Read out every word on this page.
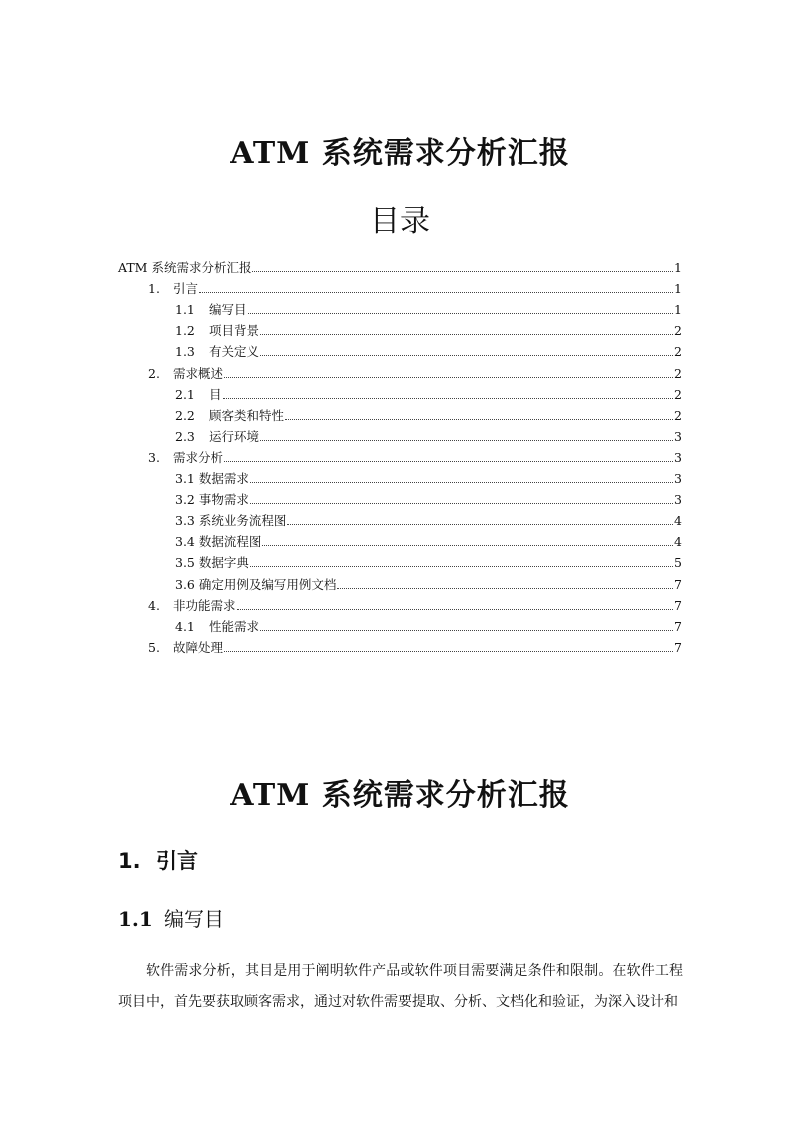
ATM 系统需求分析汇报
目录
ATM 系统需求分析汇报	1
1.	引言	1
1.1	编写目	1
1.2	项目背景	2
1.3	有关定义	2
2.	需求概述	2
2.1	目	2
2.2	顾客类和特性	2
2.3	运行环境	3
3.	需求分析	3
3.1 数据需求	3
3.2 事物需求	3
3.3 系统业务流程图	4
3.4 数据流程图	4
3.5 数据字典	5
3.6 确定用例及编写用例文档	7
4.	非功能需求	7
4.1	性能需求	7
5.	故障处理	7
ATM 系统需求分析汇报
1. 引言
1.1 编写目
软件需求分析，其目是用于阐明软件产品或软件项目需要满足条件和限制。在软件工程项目中，首先要获取顾客需求，通过对软件需要提取、分析、文档化和验证，为深入设计和
